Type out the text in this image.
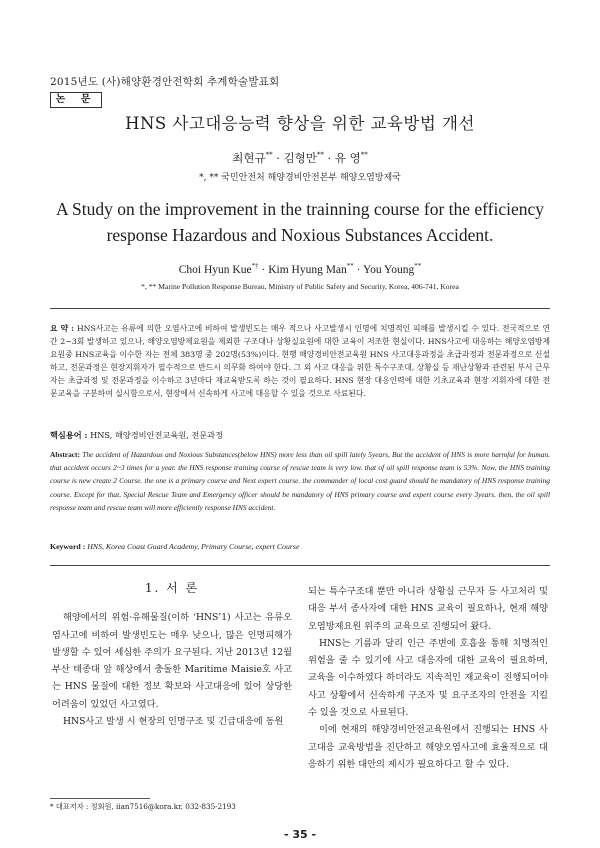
2015년도 (사)해양환경안전학회 추계학술발표회
논 문
HNS 사고대응능력 향상을 위한 교육방법 개선
최현규** · 김형만** · 유 영**
*, ** 국민안전처 해양경비안전본부 해양오염방제국
A Study on the improvement in the trainning course for the efficiency response Hazardous and Noxious Substances Accident.
Choi Hyun Kue*† · Kim Hyung Man** · You Young**
*, ** Marine Pollution Response Bureau, Ministry of Public Safety and Security, Korea, 406-741, Korea
요 약 : HNS사고는 유류에 의한 오염사고에 비하여 발생빈도는 매우 적으나 사고발생시 인명에 치명적인 피해를 발생시킬 수 있다. 전국적으로 연간 2~3회 발생하고 있으나, 해양오염방제요원을 제외한 구조대나 상황실요원에 대한 교육이 저조한 현실이다. HNS사고에 대응하는 해양오염방제요원중 HNS교육을 이수한 자는 전체 383명 중 202명(53%)이다. 현행 해양경비안전교육원 HNS 사고대응과정을 초급과정과 전문과정으로 신설하고, 전문과정은 현장지휘자가 필수적으로 반드시 의무화 하여야 한다. 그 외 사고 대응을 위한 특수구조대, 상황실 등 재난상황과 관련된 부서 근무자는 초급과정 및 전문과정을 이수하고 3년마다 재교육받도록 하는 것이 필요하다. HNS 현장 대응인력에 대한 기초교육과 현장 지휘자에 대한 전문교육을 구분하여 실시함으로서, 현장에서 신속하게 사고에 대응할 수 있을 것으로 사료된다.
핵심용어 : HNS, 해양경비안전교육원, 전문과정
Abstract: The accident of Hazardous and Noxious Substances(below HNS) more less than oil spill lately 5years, But the accident of HNS is more harmful for human. that accident occurs 2~3 times for a year. the HNS response training course of rescue team is very low. that of oil spill response team is 53%. Now, the HNS training course is new create 2 Course. the one is a primary course and Next expert course. the commander of local cost guard should be mandatory of HNS response training course. Except for that, Special Rescue Team and Emergency officer should be mandatory of HNS primary course and expert course every 3years. then, the oil spill response team and rescue team will more efficiently response HNS accident.
Keyword : HNS, Korea Coast Guard Academy, Primary Course, expert Course
1. 서 론

해양에서의 위험·유해물질(이하 ‘HNS’1) 사고는 유류오염사고에 비하여 발생빈도는 매우 낮으나, 많은 인명피해가 발생할 수 있어 세심한 주의가 요구된다. 지난 2013년 12월 부산 태종대 앞 해상에서 충돌한 Maritime Maisie호 사고는 HNS 물질에 대한 정보 확보와 사고대응에 있어 상당한 어려움이 있었던 사고였다.

HNS사고 발생 시 현장의 인명구조 및 긴급대응에 동원

되는 특수구조대 뿐만 아니라 상황실 근무자 등 사고처리 및 대응 부서 종사자에 대한 HNS 교육이 필요하나, 현재 해양오염방제요원 위주의 교육으로 진행되어 왔다.

HNS는 기름과 달리 인근 주변에 호흡을 통해 치명적인 위험을 줄 수 있기에 사고 대응자에 대한 교육이 필요하며, 교육을 이수하였다 하더라도 지속적인 재교육이 진행되어야 사고 상황에서 신속하게 구조자 및 요구조자의 안전을 지킬 수 있을 것으로 사료된다.

이에 현재의 해양경비안전교육원에서 진행되는 HNS 사고대응 교육방법을 진단하고 해양오염사고에 효율적으로 대응하기 위한 대안의 제시가 필요하다고 할 수 있다.

* 대표저자 : 정회원, iian7516@kora.kr, 032-835-2193
- 35 -
